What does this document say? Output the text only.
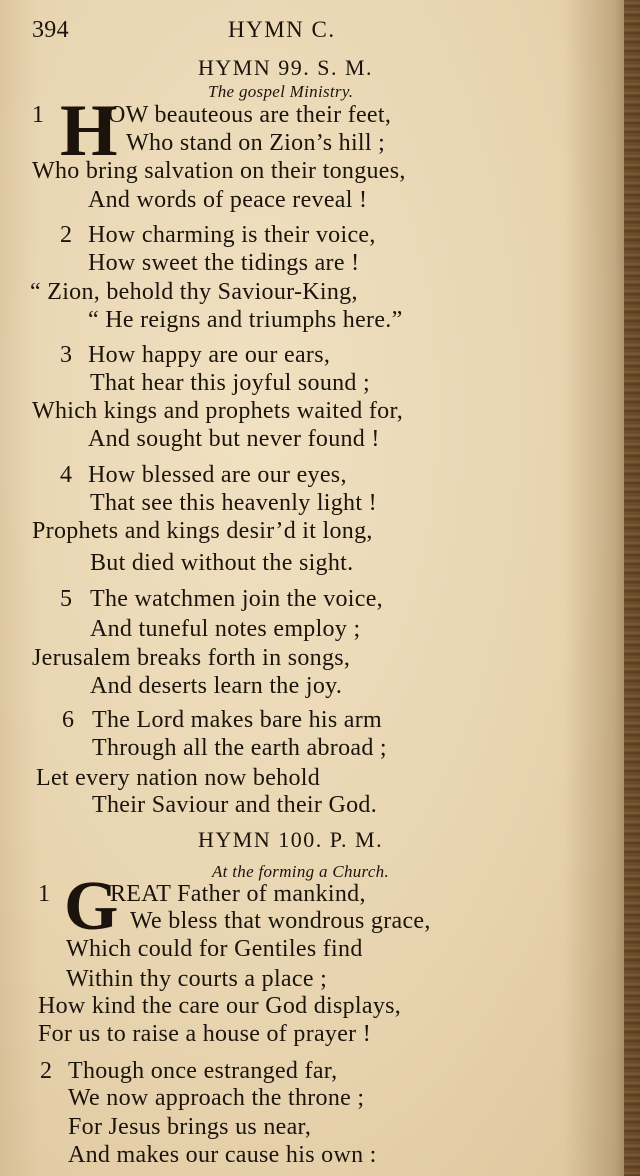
394	HYMN C.
HYMN 99. S. M.
The gospel Ministry.
1 H
OW beauteous are their feet,
Who stand on Zion’s hill ;
Who bring salvation on their tongues,
And words of peace reveal !
2 How charming is their voice,
How sweet the tidings are !
“ Zion, behold thy Saviour-King,
“ He reigns and triumphs here.”
3 How happy are our ears,
That hear this joyful sound ;
Which kings and prophets waited for,
And sought but never found !
4 How blessed are our eyes,
That see this heavenly light !
Prophets and kings desir’d it long,
But died without the sight.
5 The watchmen join the voice,
And tuneful notes employ ;
Jerusalem breaks forth in songs,
And deserts learn the joy.
6 The Lord makes bare his arm
Through all the earth abroad ;
Let every nation now behold
Their Saviour and their God.
HYMN 100. P. M.
At the forming a Church.
1 G
REAT Father of mankind,
We bless that wondrous grace,
Which could for Gentiles find
Within thy courts a place ;
How kind the care our God displays,
For us to raise a house of prayer !
2 Though once estranged far,
We now approach the throne ;
For Jesus brings us near,
And makes our cause his own :
